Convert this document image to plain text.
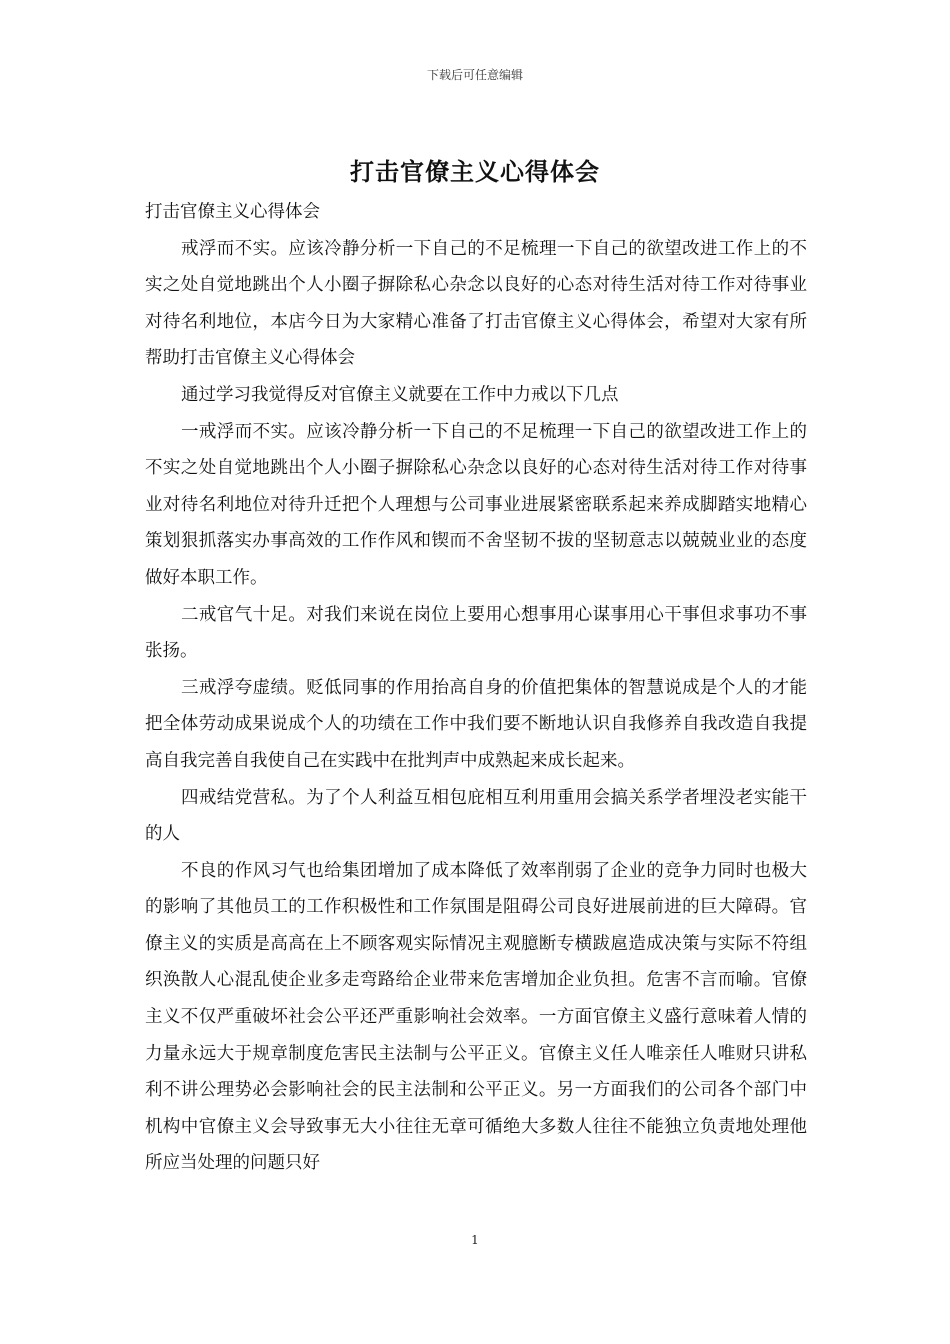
下载后可任意编辑
打击官僚主义心得体会

打击官僚主义心得体会

戒浮而不实。应该冷静分析一下自己的不足梳理一下自己的欲望改进工作上的不实之处自觉地跳出个人小圈子摒除私心杂念以良好的心态对待生活对待工作对待事业对待名利地位，本店今日为大家精心准备了打击官僚主义心得体会，希望对大家有所帮助打击官僚主义心得体会

通过学习我觉得反对官僚主义就要在工作中力戒以下几点

一戒浮而不实。应该冷静分析一下自己的不足梳理一下自己的欲望改进工作上的不实之处自觉地跳出个人小圈子摒除私心杂念以良好的心态对待生活对待工作对待事业对待名利地位对待升迁把个人理想与公司事业进展紧密联系起来养成脚踏实地精心策划狠抓落实办事高效的工作作风和锲而不舍坚韧不拔的坚韧意志以兢兢业业的态度做好本职工作。

二戒官气十足。对我们来说在岗位上要用心想事用心谋事用心干事但求事功不事张扬。

三戒浮夸虚绩。贬低同事的作用抬高自身的价值把集体的智慧说成是个人的才能把全体劳动成果说成个人的功绩在工作中我们要不断地认识自我修养自我改造自我提高自我完善自我使自己在实践中在批判声中成熟起来成长起来。

四戒结党营私。为了个人利益互相包庇相互利用重用会搞关系学者埋没老实能干的人

不良的作风习气也给集团增加了成本降低了效率削弱了企业的竞争力同时也极大的影响了其他员工的工作积极性和工作氛围是阻碍公司良好进展前进的巨大障碍。官僚主义的实质是高高在上不顾客观实际情况主观臆断专横跋扈造成决策与实际不符组织涣散人心混乱使企业多走弯路给企业带来危害增加企业负担。危害不言而喻。官僚主义不仅严重破坏社会公平还严重影响社会效率。一方面官僚主义盛行意味着人情的力量永远大于规章制度危害民主法制与公平正义。官僚主义任人唯亲任人唯财只讲私利不讲公理势必会影响社会的民主法制和公平正义。另一方面我们的公司各个部门中机构中官僚主义会导致事无大小往往无章可循绝大多数人往往不能独立负责地处理他所应当处理的问题只好

1
